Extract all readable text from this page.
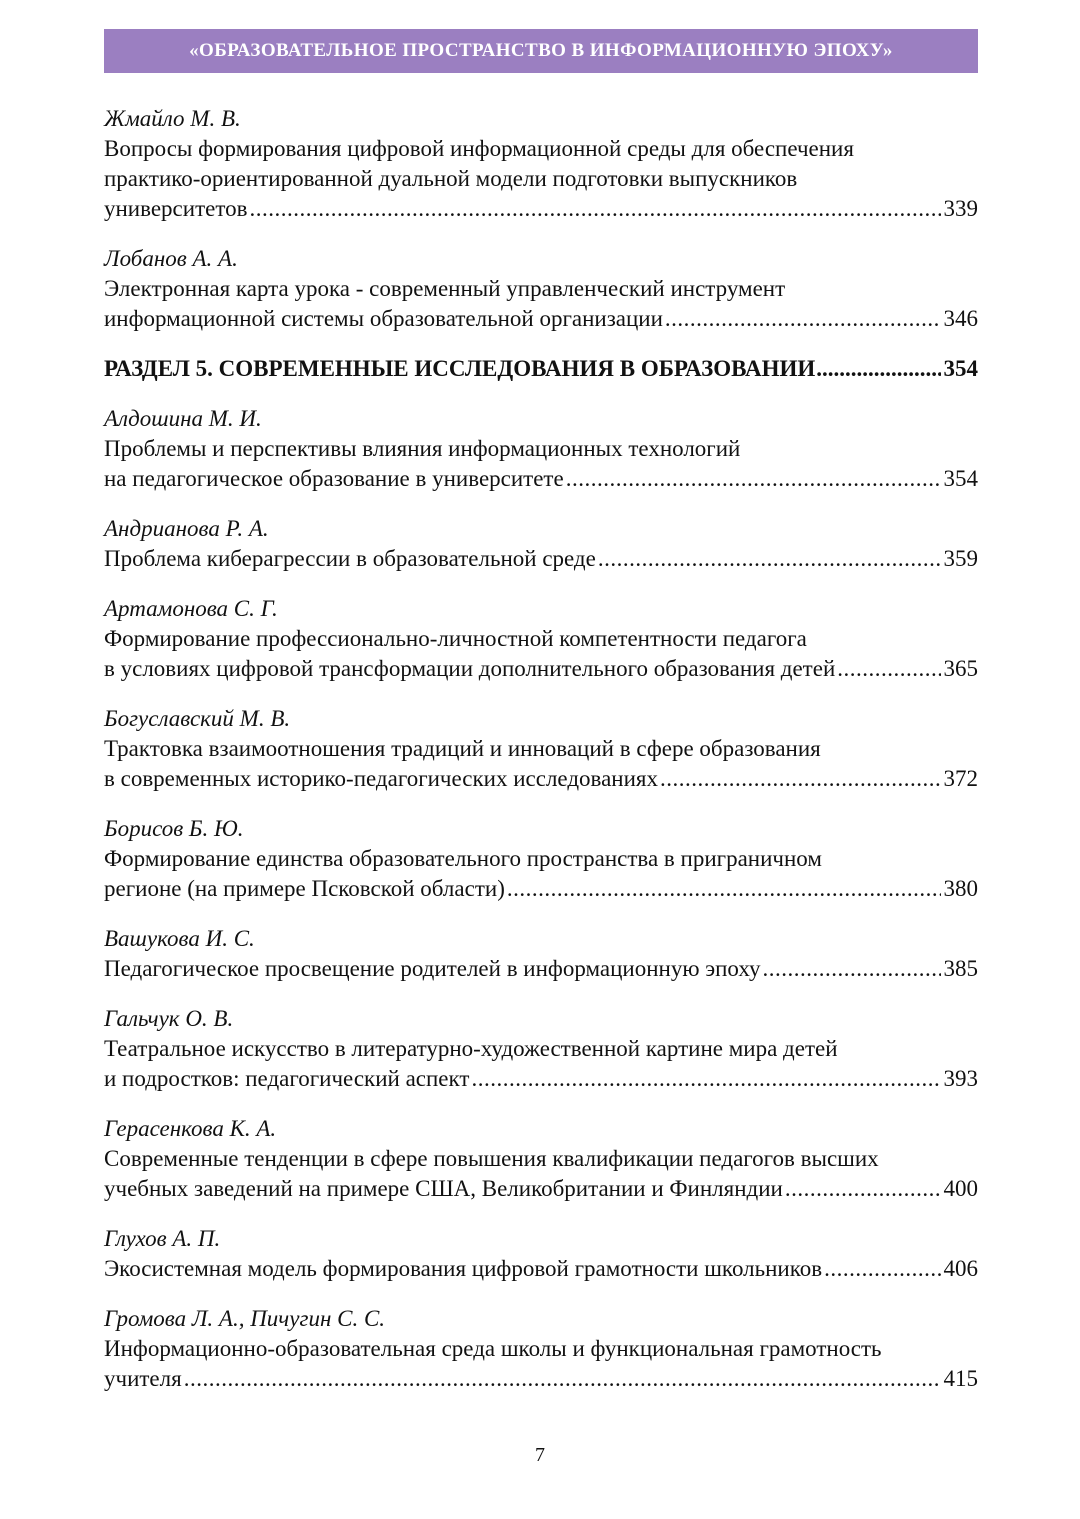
«ОБРАЗОВАТЕЛЬНОЕ ПРОСТРАНСТВО В ИНФОРМАЦИОННУЮ ЭПОХУ»
Жмайло М. В.
Вопросы формирования цифровой информационной среды для обеспечения
практико-ориентированной дуальной модели подготовки выпускников
университетов .....	339
Лобанов А. А.
Электронная карта урока - современный управленческий инструмент
информационной системы образовательной организации .....	346
РАЗДЕЛ 5. СОВРЕМЕННЫЕ ИССЛЕДОВАНИЯ В ОБРАЗОВАНИИ .....	354
Алдошина М. И.
Проблемы и перспективы влияния информационных технологий
на педагогическое образование в университете .....	354
Андрианова Р. А.
Проблема киберагрессии в образовательной среде .....	359
Артамонова С. Г.
Формирование профессионально-личностной компетентности педагога
в условиях цифровой трансформации дополнительного образования детей .....	365
Богуславский М. В.
Трактовка взаимоотношения традиций и инноваций в сфере образования
в современных историко-педагогических исследованиях .....	372
Борисов Б. Ю.
Формирование единства образовательного пространства в приграничном
регионе (на примере Псковской области) .....	380
Вашукова И. С.
Педагогическое просвещение родителей в информационную эпоху .....	385
Гальчук О. В.
Театральное искусство в литературно-художественной картине мира детей
и подростков: педагогический аспект .....	393
Герасенкова К. А.
Современные тенденции в сфере повышения квалификации педагогов высших
учебных заведений на примере США, Великобритании и Финляндии .....	400
Глухов А. П.
Экосистемная модель формирования цифровой грамотности школьников .....	406
Громова Л. А., Пичугин С. С.
Информационно-образовательная среда школы и функциональная грамотность
учителя .....	415
7
